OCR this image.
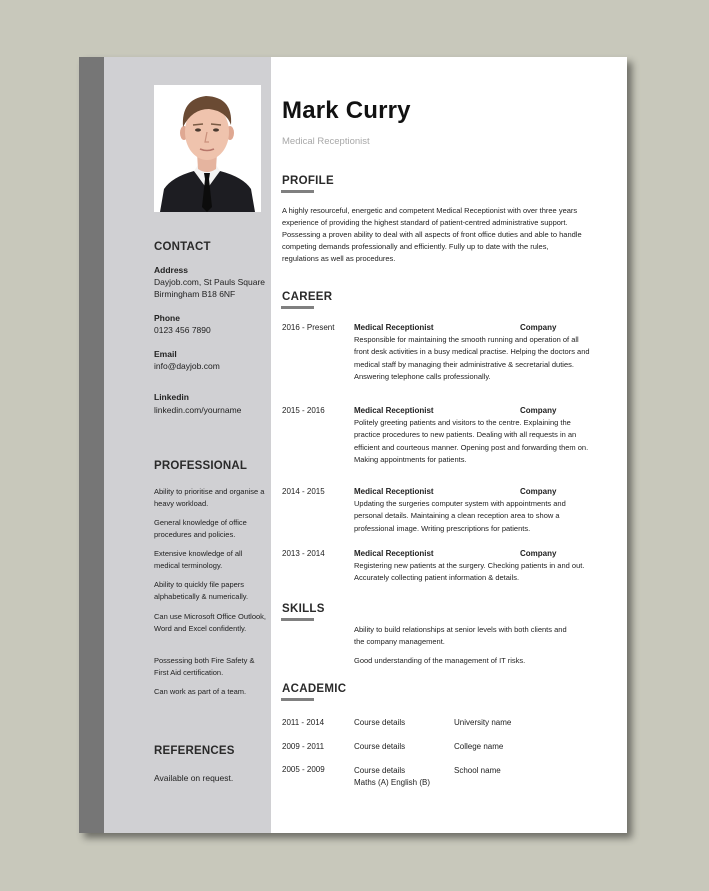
CONTACT
Address
Dayjob.com, St Pauls Square
Birmingham B18 6NF
Phone
0123 456 7890
Email
info@dayjob.com
Linkedin
linkedin.com/yourname
PROFESSIONAL
Ability to prioritise and organise a heavy workload.
General knowledge of office procedures and policies.
Extensive knowledge of all medical terminology.
Ability to quickly file papers alphabetically & numerically.
Can use Microsoft Office Outlook, Word and Excel confidently.
Possessing both Fire Safety & First Aid certification.
Can work as part of a team.
REFERENCES
Available on request.
Mark Curry
Medical Receptionist
PROFILE
A highly resourceful, energetic and competent Medical Receptionist with over three years experience of providing the highest standard of patient-centred administrative support. Possessing a proven ability to deal with all aspects of front office duties and able to handle competing demands professionally and efficiently. Fully up to date with the rules, regulations as well as procedures.
CAREER
2016 - Present Medical Receptionist	Company
Responsible for maintaining the smooth running and operation of all front desk activities in a busy medical practise. Helping the doctors and medical staff by managing their administrative & secretarial duties. Answering telephone calls professionally.
2015 - 2016	Medical Receptionist	Company
Politely greeting patients and visitors to the centre. Explaining the practice procedures to new patients. Dealing with all requests in an efficient and courteous manner. Opening post and forwarding them on. Making appointments for patients.
2014 - 2015	Medical Receptionist	Company
Updating the surgeries computer system with appointments and personal details. Maintaining a clean reception area to show a professional image. Writing prescriptions for patients.
2013 - 2014	Medical Receptionist	Company
Registering new patients at the surgery. Checking patients in and out. Accurately collecting patient information & details.
SKILLS
Ability to build relationships at senior levels with both clients and the company management.
Good understanding of the management of IT risks.
ACADEMIC
2011 - 2014	Course details	University name
2009 - 2011	Course details	College name
2005 - 2009	Course details	School name
Maths (A) English (B)
